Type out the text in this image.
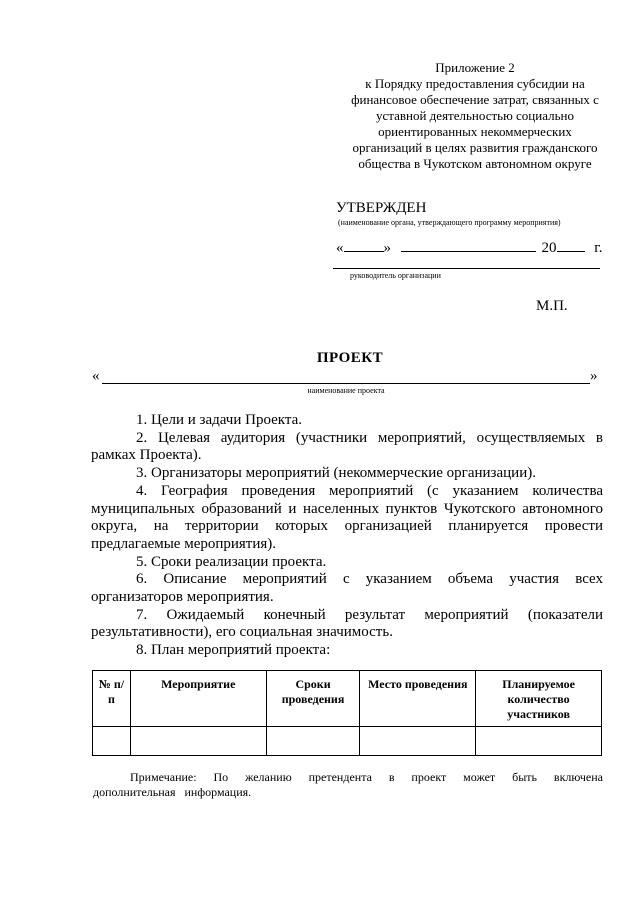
Приложение 2
к Порядку предоставления субсидии на
финансовое обеспечение затрат, связанных с
уставной деятельностью социально
ориентированных некоммерческих
организаций в целях развития гражданского
общества в Чукотском автономном округе
УТВЕРЖДЕН
(наименование органа, утверждающего программу мероприятия)
«	»	20	г.
руководитель организации
М.П.
ПРОЕКТ
«	»
наименование проекта

1. Цели и задачи Проекта.

2. Целевая аудитория (участники мероприятий, осуществляемых в рамках Проекта).

3. Организаторы мероприятий (некоммерческие организации).

4. География проведения мероприятий (с указанием количества муниципальных образований и населенных пунктов Чукотского автономного округа, на территории которых организацией планируется провести предлагаемые мероприятия).

5. Сроки реализации проекта.

6. Описание мероприятий с указанием объема участия всех организаторов мероприятия.

7. Ожидаемый конечный результат мероприятий (показатели результативности), его социальная значимость.

8. План мероприятий проекта:

№ п/п	Мероприятие	Сроки проведения	Место проведения	Планируемое количество участников

Примечание: По желанию претендента в проект может быть включена дополнительная информация.
